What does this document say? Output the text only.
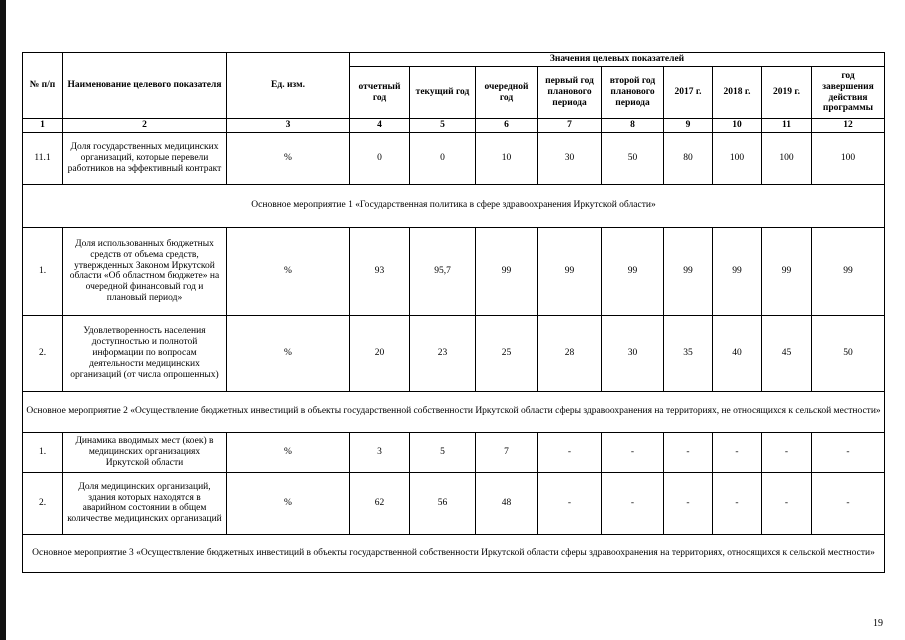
№ п/п	Наименование целевого показателя	Ед. изм.	Значения целевых показателей								
			отчетный год	текущий год	очередной год	первый год планового периода	второй год планового периода	2017 г.	2018 г.	2019 г.	год завершения действия программы
1	2	3	4	5	6	7	8	9	10	11	12
11.1	Доля государственных медицинских организаций, которые перевели работников на эффективный контракт	%	0	0	10	30	50	80	100	100	100
Основное мероприятие 1 «Государственная политика в сфере здравоохранения Иркутской области»											
1.	Доля использованных бюджетных средств от объема средств, утвержденных Законом Иркутской области «Об областном бюджете» на очередной финансовый год и плановый период»	%	93	95,7	99	99	99	99	99	99	99
2.	Удовлетворенность населения доступностью и полнотой информации по вопросам деятельности медицинских организаций (от числа опрошенных)	%	20	23	25	28	30	35	40	45	50
Основное мероприятие 2 «Осуществление бюджетных инвестиций в объекты государственной собственности Иркутской области сферы здравоохранения на территориях, не относящихся к сельской местности»											
1.	Динамика вводимых мест (коек) в медицинских организациях Иркутской области	%	3	5	7	-	-	-	-	-	-
2.	Доля медицинских организаций, здания которых находятся в аварийном состоянии в общем количестве медицинских организаций	%	62	56	48	-	-	-	-	-	-
Основное мероприятие 3 «Осуществление бюджетных инвестиций в объекты государственной собственности Иркутской области сферы здравоохранения на территориях, относящихся к сельской местности»											
19
